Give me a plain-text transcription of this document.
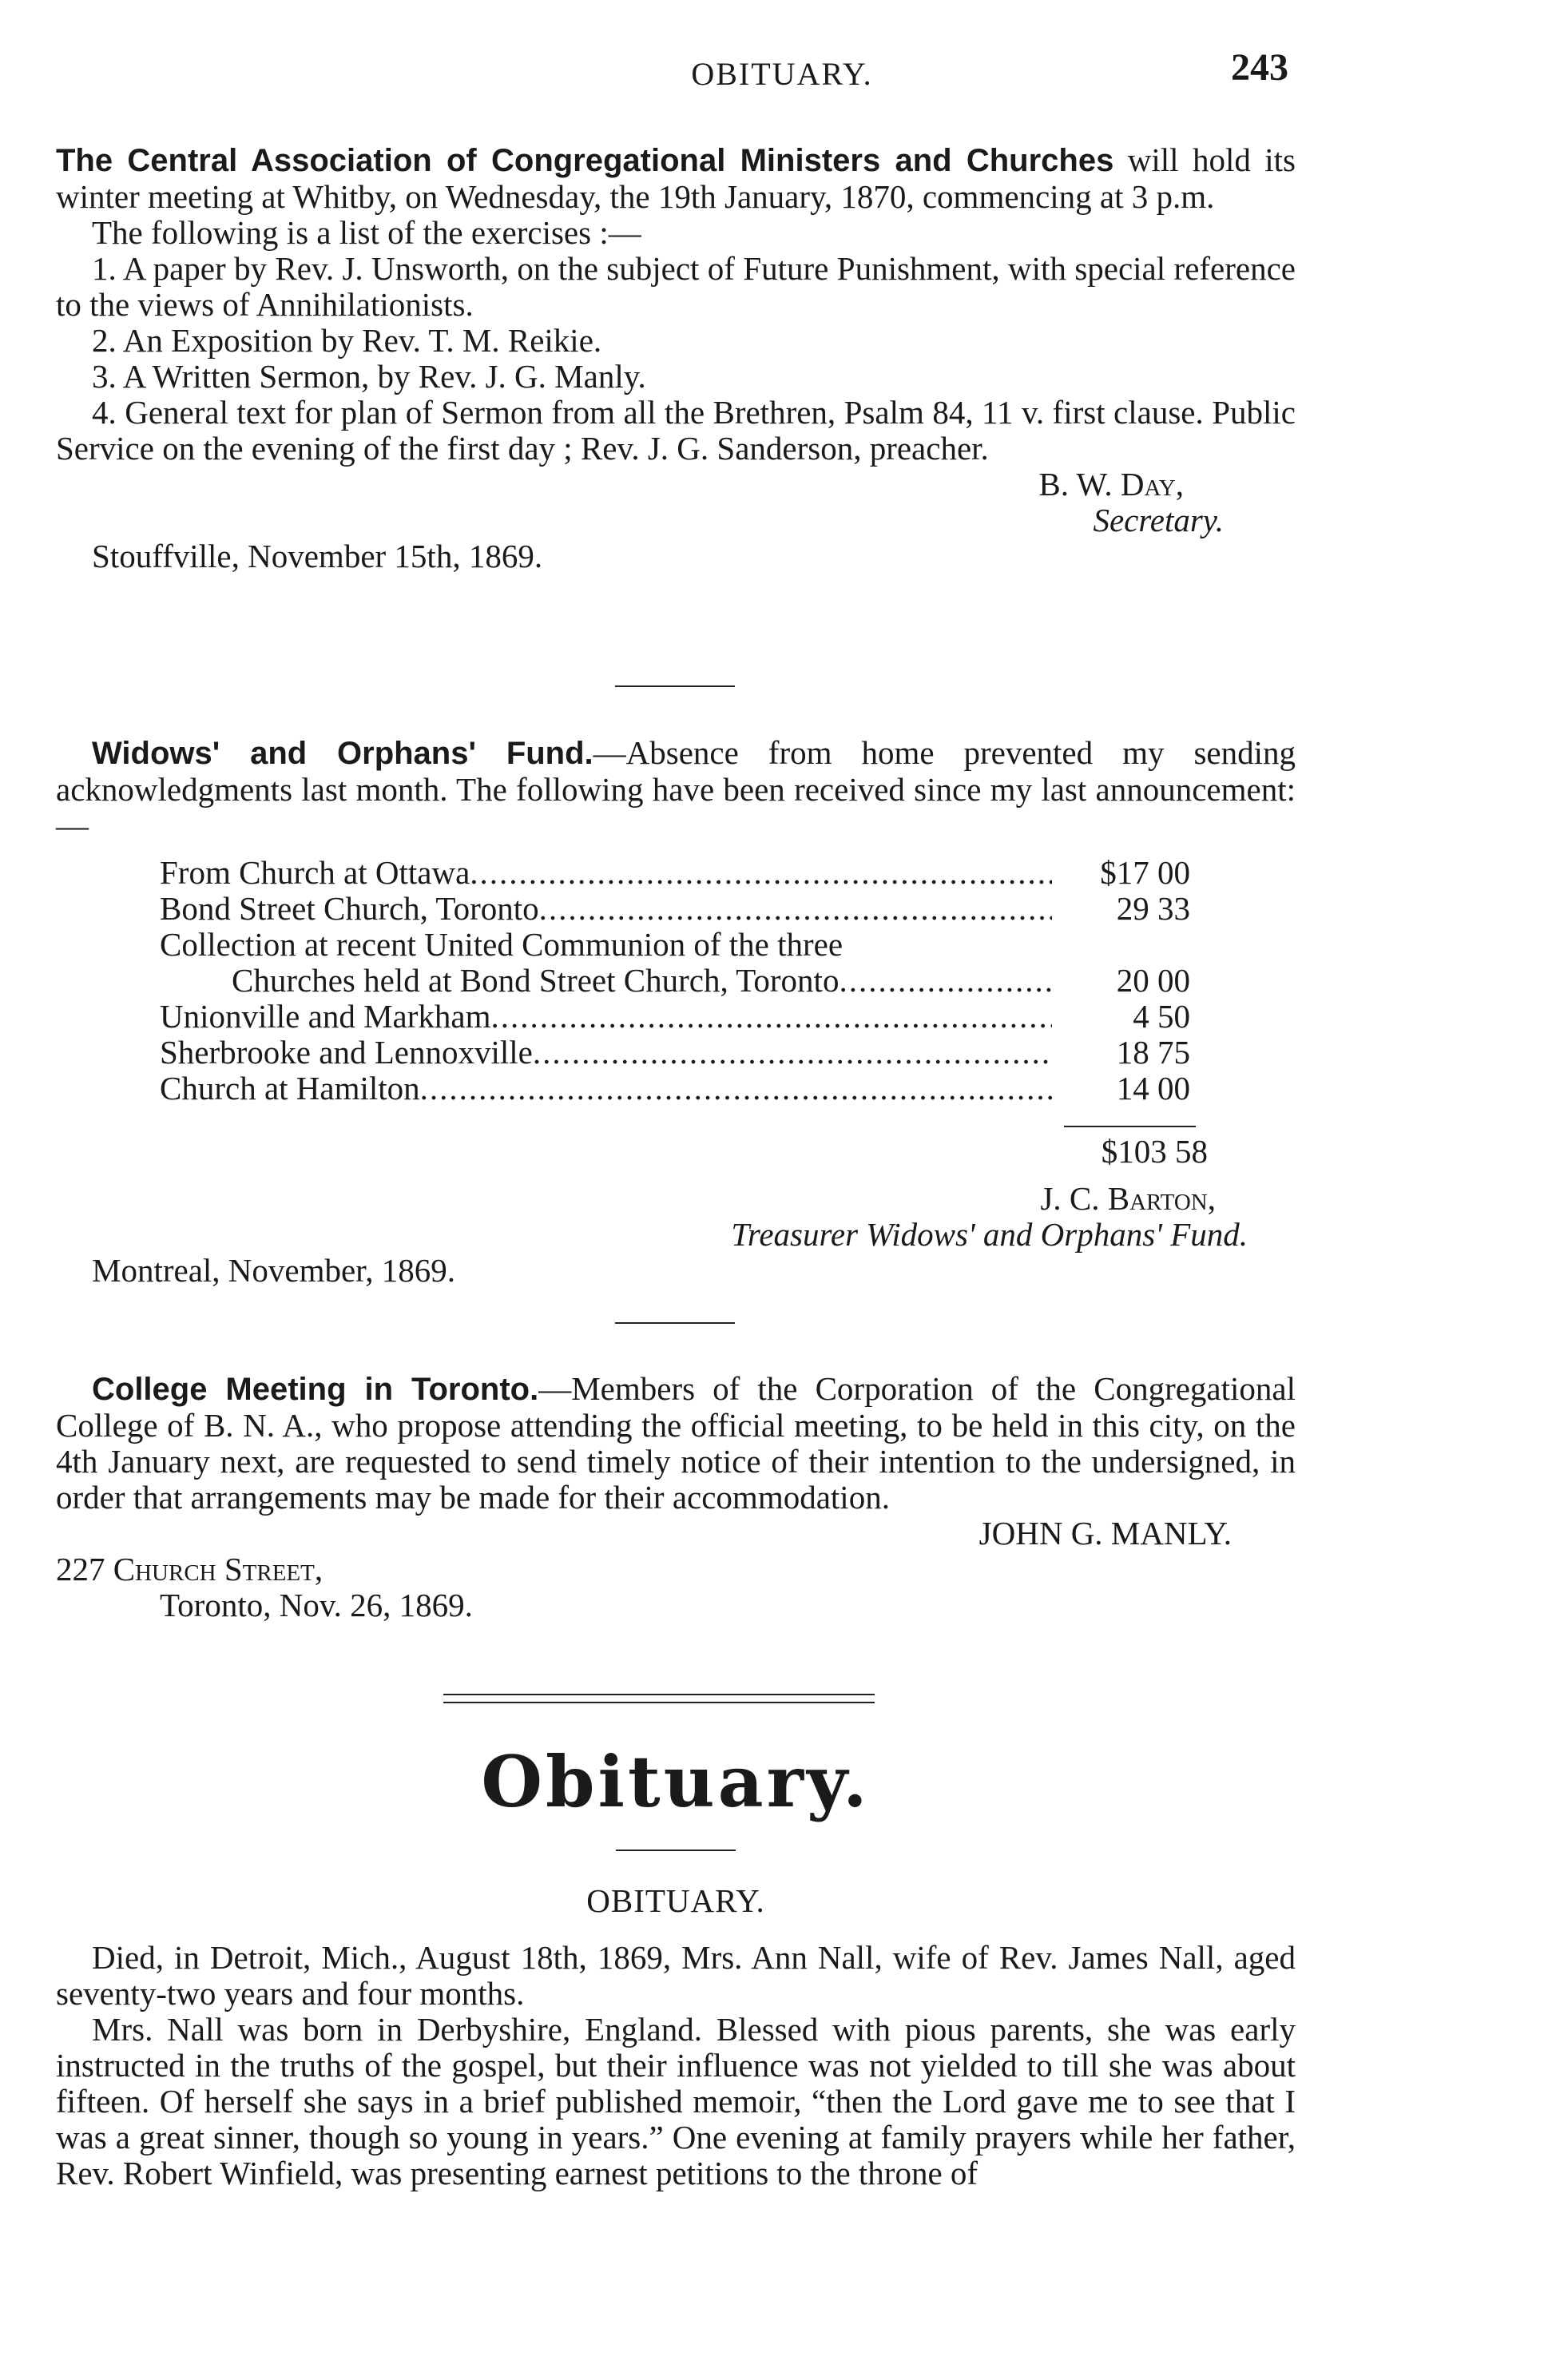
OBITUARY.	243

The Central Association of Congregational Ministers and Churches will hold its winter meeting at Whitby, on Wednesday, the 19th January, 1870, commencing at 3 p.m.

The following is a list of the exercises :—

1. A paper by Rev. J. Unsworth, on the subject of Future Punishment, with special reference to the views of Annihilationists.

2. An Exposition by Rev. T. M. Reikie.

3. A Written Sermon, by Rev. J. G. Manly.

4. General text for plan of Sermon from all the Brethren, Psalm 84, 11 v. first clause. Public Service on the evening of the first day ; Rev. J. G. Sanderson, preacher.

B. W. Day,

Secretary.

Stouffville, November 15th, 1869.

Widows' and Orphans' Fund.—Absence from home prevented my sending acknowledgments last month. The following have been received since my last announcement:—

From Church at Ottawa .....	$17 00
Bond Street Church, Toronto .....	29 33
Collection at recent United Communion of the three
Churches held at Bond Street Church, Toronto .....	20 00
Unionville and Markham .....	4 50
Sherbrooke and Lennoxville .....	18 75
Church at Hamilton .....	14 00

$103 58

J. C. Barton,

Treasurer Widows' and Orphans' Fund.

Montreal, November, 1869.

College Meeting in Toronto.—Members of the Corporation of the Congregational College of B. N. A., who propose attending the official meeting, to be held in this city, on the 4th January next, are requested to send timely notice of their intention to the undersigned, in order that arrangements may be made for their accommodation.

JOHN G. MANLY.

227 Church Street,

Toronto, Nov. 26, 1869.

Obituary.

OBITUARY.

Died, in Detroit, Mich., August 18th, 1869, Mrs. Ann Nall, wife of Rev. James Nall, aged seventy-two years and four months.

Mrs. Nall was born in Derbyshire, England. Blessed with pious parents, she was early instructed in the truths of the gospel, but their influence was not yielded to till she was about fifteen. Of herself she says in a brief published memoir, “then the Lord gave me to see that I was a great sinner, though so young in years.” One evening at family prayers while her father, Rev. Robert Winfield, was presenting earnest petitions to the throne of
